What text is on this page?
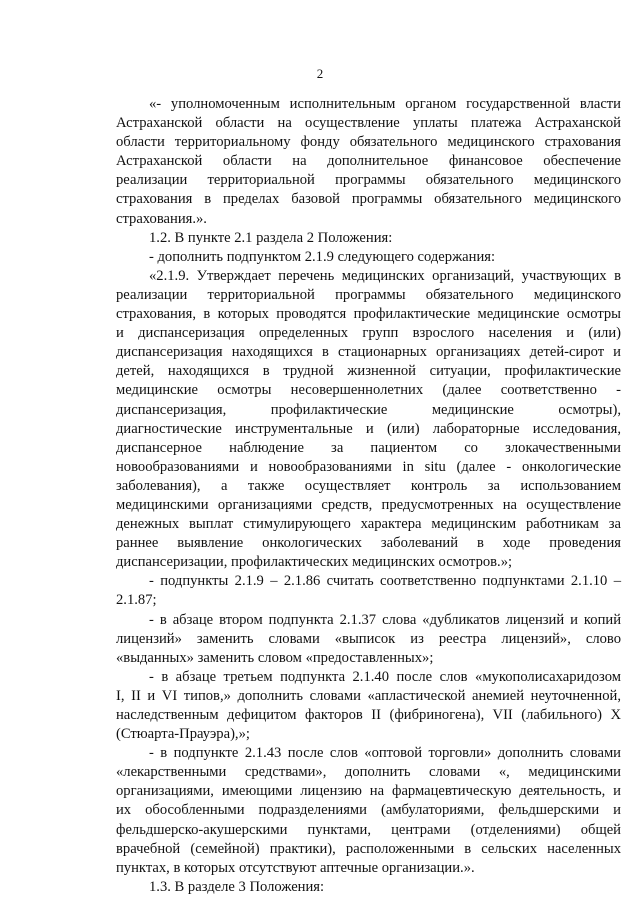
2

«- уполномоченным исполнительным органом государственной власти

Астраханской области на осуществление уплаты платежа Астраханской

области территориальному фонду обязательного медицинского страхования

Астраханской области на дополнительное финансовое обеспечение

реализации территориальной программы обязательного медицинского

страхования в пределах базовой программы обязательного медицинского

страхования.».

1.2. В пункте 2.1 раздела 2 Положения:

- дополнить подпунктом 2.1.9 следующего содержания:

«2.1.9. Утверждает перечень медицинских организаций, участвующих в

реализации территориальной программы обязательного медицинского

страхования, в которых проводятся профилактические медицинские осмотры

и диспансеризация определенных групп взрослого населения и (или)

диспансеризация находящихся в стационарных организациях детей-сирот и

детей, находящихся в трудной жизненной ситуации, профилактические

медицинские осмотры несовершеннолетних (далее соответственно -

диспансеризация, профилактические медицинские осмотры),

диагностические инструментальные и (или) лабораторные исследования,

диспансерное наблюдение за пациентом со злокачественными

новообразованиями и новообразованиями in situ (далее - онкологические

заболевания), а также осуществляет контроль за использованием

медицинскими организациями средств, предусмотренных на осуществление

денежных выплат стимулирующего характера медицинским работникам за

раннее выявление онкологических заболеваний в ходе проведения

диспансеризации, профилактических медицинских осмотров.»;

- подпункты 2.1.9 – 2.1.86 считать соответственно подпунктами 2.1.10 –

2.1.87;

- в абзаце втором подпункта 2.1.37 слова «дубликатов лицензий и копий

лицензий» заменить словами «выписок из реестра лицензий», слово

«выданных» заменить словом «предоставленных»;

- в абзаце третьем подпункта 2.1.40 после слов «мукополисахаридозом

I, II и VI типов,» дополнить словами «апластической анемией неуточненной,

наследственным дефицитом факторов II (фибриногена), VII (лабильного) X

(Стюарта-Прауэра),»;

- в подпункте 2.1.43 после слов «оптовой торговли» дополнить словами

«лекарственными средствами», дополнить словами «, медицинскими

организациями, имеющими лицензию на фармацевтическую деятельность, и

их обособленными подразделениями (амбулаториями, фельдшерскими и

фельдшерско-акушерскими пунктами, центрами (отделениями) общей

врачебной (семейной) практики), расположенными в сельских населенных

пунктах, в которых отсутствуют аптечные организации.».

1.3. В разделе 3 Положения:
